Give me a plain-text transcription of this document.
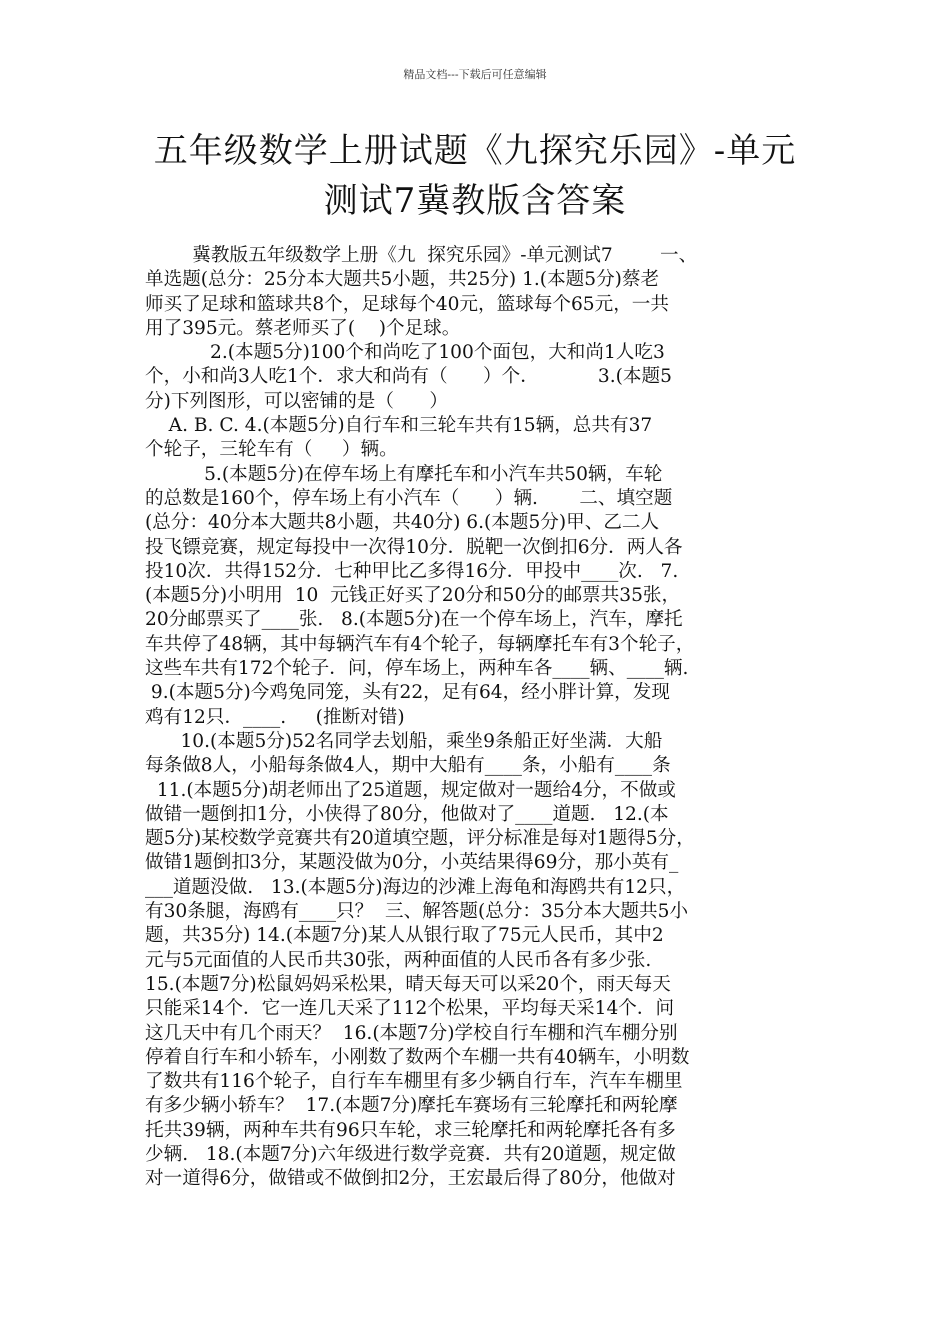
精品文档---下载后可任意编辑
五年级数学上册试题《九探究乐园》-单元
测试7冀教版含答案
冀教版五年级数学上册《九  探究乐园》-单元测试7        一、
单选题(总分：25分本大题共5小题，共25分) 1.(本题5分)蔡老
师买了足球和篮球共8个，足球每个40元，篮球每个65元，一共
用了395元。蔡老师买了(    )个足球。
2.(本题5分)100个和尚吃了100个面包，大和尚1人吃3
个，小和尚3人吃1个．求大和尚有（      ）个．          3.(本题5
分)下列图形，可以密铺的是（      ）
A. B. C. 4.(本题5分)自行车和三轮车共有15辆，总共有37
个轮子，三轮车有（     ）辆。
5.(本题5分)在停车场上有摩托车和小汽车共50辆，车轮
的总数是160个，停车场上有小汽车（      ）辆.       二、填空题
(总分：40分本大题共8小题，共40分) 6.(本题5分)甲、乙二人
投飞镖竞赛，规定每投中一次得10分．脱靶一次倒扣6分．两人各
投10次．共得152分．七种甲比乙多得16分．甲投中____次.   7.
(本题5分)小明用  10  元钱正好买了20分和50分的邮票共35张，
20分邮票买了____张.   8.(本题5分)在一个停车场上，汽车，摩托
车共停了48辆，其中每辆汽车有4个轮子，每辆摩托车有3个轮子，
这些车共有172个轮子．问，停车场上，两种车各____辆、____辆.
9.(本题5分)今鸡兔同笼，头有22，足有64，经小胖计算，发现
鸡有12只．____.     (推断对错)
10.(本题5分)52名同学去划船，乘坐9条船正好坐满．大船
每条做8人，小船每条做4人，期中大船有____条，小船有____条
11.(本题5分)胡老师出了25道题，规定做对一题给4分，不做或
做错一题倒扣1分，小侠得了80分，他做对了____道题.   12.(本
题5分)某校数学竞赛共有20道填空题，评分标准是每对1题得5分，
做错1题倒扣3分，某题没做为0分，小英结果得69分，那小英有_
___道题没做.   13.(本题5分)海边的沙滩上海龟和海鸥共有12只，
有30条腿，海鸥有____只？  三、解答题(总分：35分本大题共5小
题，共35分) 14.(本题7分)某人从银行取了75元人民币，其中2
元与5元面值的人民币共30张，两种面值的人民币各有多少张.
15.(本题7分)松鼠妈妈采松果，晴天每天可以采20个，雨天每天
只能采14个．它一连几天采了112个松果，平均每天采14个．问
这几天中有几个雨天？  16.(本题7分)学校自行车棚和汽车棚分别
停着自行车和小轿车，小刚数了数两个车棚一共有40辆车，小明数
了数共有116个轮子，自行车车棚里有多少辆自行车，汽车车棚里
有多少辆小轿车？  17.(本题7分)摩托车赛场有三轮摩托和两轮摩
托共39辆，两种车共有96只车轮，求三轮摩托和两轮摩托各有多
少辆.   18.(本题7分)六年级进行数学竞赛．共有20道题，规定做
对一道得6分，做错或不做倒扣2分，王宏最后得了80分，他做对
